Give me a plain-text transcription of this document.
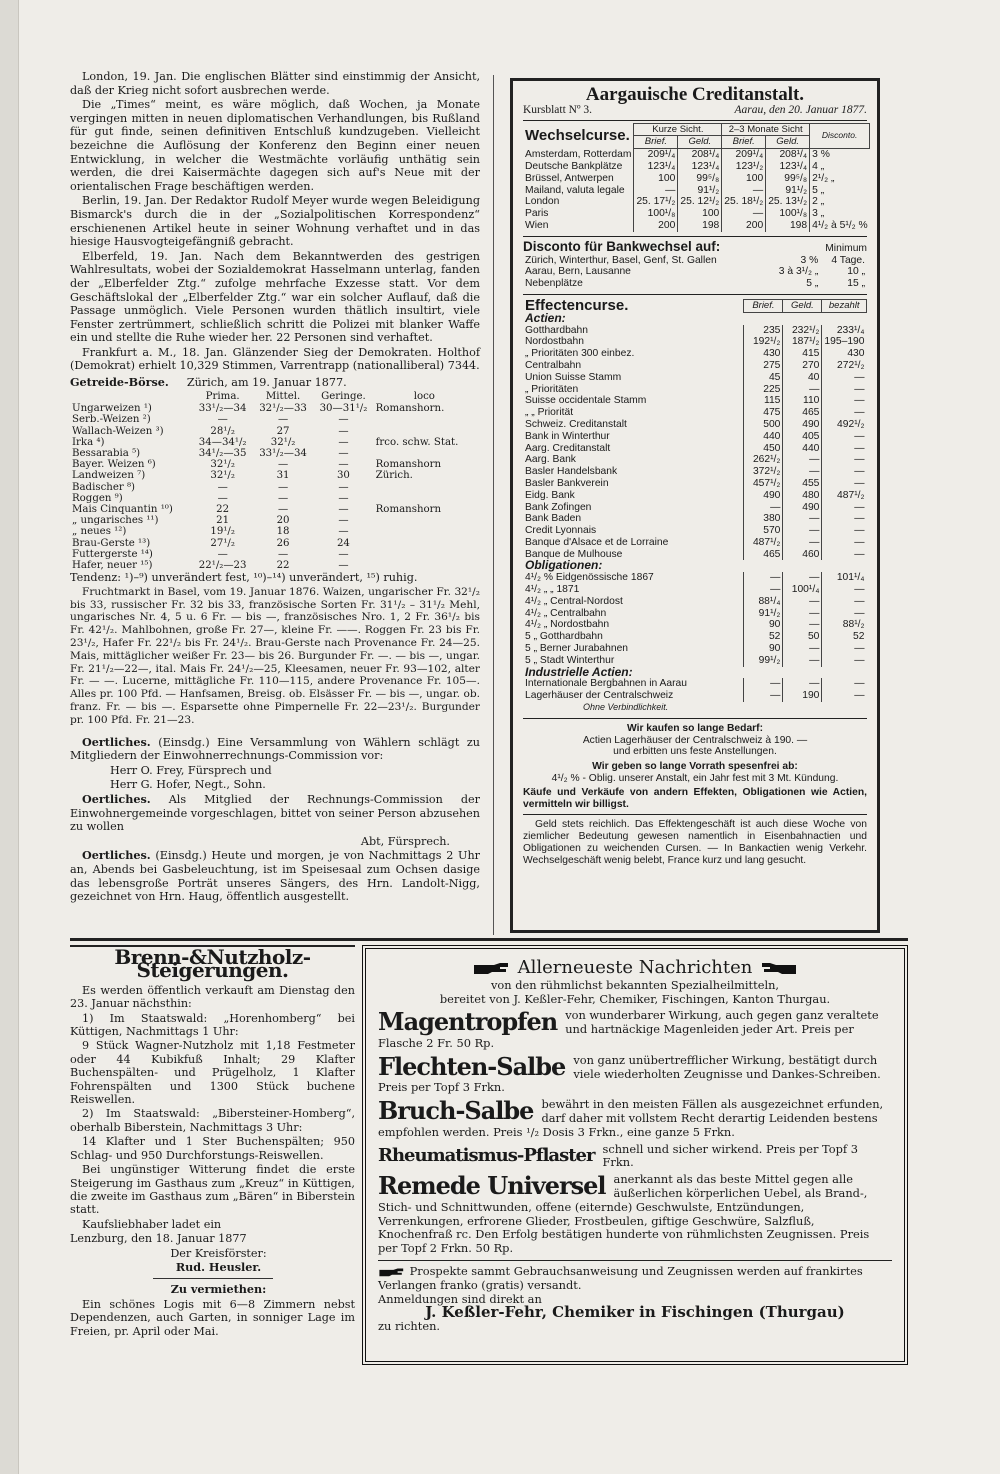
London, 19. Jan. Die englischen Blätter sind einstimmig der Ansicht, daß der Krieg nicht sofort ausbrechen werde.

Die „Times“ meint, es wäre möglich, daß Wochen, ja Monate vergingen mitten in neuen diplomatischen Verhandlungen, bis Rußland für gut finde, seinen definitiven Entschluß kundzugeben. Vielleicht bezeichne die Auflösung der Konferenz den Beginn einer neuen Entwicklung, in welcher die Westmächte vorläufig unthätig sein werden, die drei Kaisermächte dagegen sich auf's Neue mit der orientalischen Frage beschäftigen werden.

Berlin, 19. Jan. Der Redaktor Rudolf Meyer wurde wegen Beleidigung Bismarck's durch die in der „Sozialpolitischen Korrespondenz“ erschienenen Artikel heute in seiner Wohnung verhaftet und in das hiesige Hausvogteigefängniß gebracht.

Elberfeld, 19. Jan. Nach dem Bekanntwerden des gestrigen Wahlresultats, wobei der Sozialdemokrat Hasselmann unterlag, fanden der „Elberfelder Ztg.“ zufolge mehrfache Exzesse statt. Vor dem Geschäftslokal der „Elberfelder Ztg.“ war ein solcher Auflauf, daß die Passage unmöglich. Viele Personen wurden thätlich insultirt, viele Fenster zertrümmert, schließlich schritt die Polizei mit blanker Waffe ein und stellte die Ruhe wieder her. 22 Personen sind verhaftet.

Frankfurt a. M., 18. Jan. Glänzender Sieg der Demokraten. Holthof (Demokrat) erhielt 10,329 Stimmen, Varrentrapp (nationalliberal) 7344.

Getreide-Börse. Zürich, am 19. Januar 1877.
	Prima.	Mittel.	Geringe.	loco
Ungarweizen ¹)	33¹/₂—34	32¹/₂—33	30—31¹/₂	Romanshorn.
Serb.-Weizen ²)	—	—	—	
Wallach-Weizen ³)	28¹/₂	27	—	
Irka ⁴)	34—34¹/₂	32¹/₂	—	frco. schw. Stat.
Bessarabia ⁵)	34¹/₂—35	33¹/₂—34	—	
Bayer. Weizen ⁶)	32¹/₂	—	—	Romanshorn
Landweizen ⁷)	32¹/₂	31	30	Zürich.
Badischer ⁸)	—	—	—	
Roggen ⁹)	—	—	—	
Mais Cinquantin ¹⁰)	22	—	—	Romanshorn
„ ungarisches ¹¹)	21	20	—	
„ neues ¹²)	19¹/₂	18	—	
Brau-Gerste ¹³)	27¹/₂	26	24	
Futtergerste ¹⁴)	—	—	—	
Hafer, neuer ¹⁵)	22¹/₂—23	22	—	

Tendenz: ¹)–⁹) unverändert fest, ¹⁰)–¹⁴) unverändert, ¹⁵) ruhig.

Fruchtmarkt in Basel, vom 19. Januar 1876. Waizen, ungarischer Fr. 32¹/₂ bis 33, russischer Fr. 32 bis 33, französische Sorten Fr. 31¹/₂ – 31¹/₂ Mehl, ungarisches Nr. 4, 5 u. 6 Fr. — bis —, französisches Nro. 1, 2 Fr. 36¹/₂ bis Fr. 42¹/₂. Mahlbohnen, große Fr. 27—, kleine Fr. ——. Roggen Fr. 23 bis Fr. 23¹/₂, Hafer Fr. 22¹/₂ bis Fr. 24¹/₂. Brau-Gerste nach Provenance Fr. 24—25. Mais, mittäglicher weißer Fr. 23— bis 26. Burgunder Fr. —. — bis —, ungar. Fr. 21¹/₂—22—, ital. Mais Fr. 24¹/₂—25, Kleesamen, neuer Fr. 93—102, alter Fr. — —. Lucerne, mittägliche Fr. 110—115, andere Provenance Fr. 105—. Alles pr. 100 Pfd. — Hanfsamen, Breisg. ob. Elsässer Fr. — bis —, ungar. ob. franz. Fr. — bis —. Esparsette ohne Pimpernelle Fr. 22—23¹/₂. Burgunder pr. 100 Pfd. Fr. 21—23.

Oertliches. (Einsdg.) Eine Versammlung von Wählern schlägt zu Mitgliedern der Einwohnerrechnungs-Commission vor:

Herr O. Frey, Fürsprech und

Herr G. Hofer, Negt., Sohn.

Oertliches. Als Mitglied der Rechnungs-Commission der Einwohnergemeinde vorgeschlagen, bittet von seiner Person abzusehen zu wollen

Abt, Fürsprech.

Oertliches. (Einsdg.) Heute und morgen, je von Nachmittags 2 Uhr an, Abends bei Gasbeleuchtung, ist im Speisesaal zum Ochsen dasige das lebensgroße Porträt unseres Sängers, des Hrn. Landolt-Nigg, gezeichnet von Hrn. Haug, öffentlich ausgestellt.

Aargauische Creditanstalt.
Kursblatt Nº 3.	Aarau, den 20. Januar 1877.
Wechselcurse.	Kurze Sicht.		2–3 Monate Sicht		Disconto.
	Brief.	Geld.	Brief.	Geld.	
Amsterdam, Rotterdam	209¹/₄	208¹/₄	209¹/₄	208¹/₄	3 %
Deutsche Bankplätze	123¹/₄	123¹/₄	123¹/₂	123¹/₄	4 „
Brüssel, Antwerpen	100	99⁵/₈	100	99⁵/₈	2¹/₂ „
Mailand, valuta legale	—	91¹/₂	—	91¹/₂	5 „
London	25. 17¹/₂	25. 12¹/₂	25. 18¹/₂	25. 13¹/₂	2 „
Paris	100¹/₈	100	—	100¹/₈	3 „
Wien	200	198	200	198	4¹/₂ à 5¹/₂ %
Disconto für Bankwechsel auf:	Minimum
Zürich, Winterthur, Basel, Genf, St. Gallen	3 %	4 Tage.
Aarau, Bern, Lausanne	3 à 3¹/₂ „	10 „
Nebenplätze	5 „	15 „
Effectencurse.	Brief.	Geld.	bezahlt
Actien:			
Gotthardbahn	235	232¹/₂	233¹/₄
Nordostbahn	192¹/₂	187¹/₂	195–190
„ Prioritäten 300 einbez.	430	415	430
Centralbahn	275	270	272¹/₂
Union Suisse Stamm	45	40	—
„ Prioritäten	225	—	—
Suisse occidentale Stamm	115	110	—
„ „ Priorität	475	465	—
Schweiz. Creditanstalt	500	490	492¹/₂
Bank in Winterthur	440	405	—
Aarg. Creditanstalt	450	440	—
Aarg. Bank	262¹/₂	—	—
Basler Handelsbank	372¹/₂	—	—
Basler Bankverein	457¹/₂	455	—
Eidg. Bank	490	480	487¹/₂
Bank Zofingen	—	490	—
Bank Baden	380	—	—
Credit Lyonnais	570	—	—
Banque d'Alsace et de Lorraine	487¹/₂	—	—
Banque de Mulhouse	465	460	—
Obligationen:			
4¹/₂ % Eidgenössische 1867	—	—	101¹/₄
4¹/₂ „ „ 1871	—	100¹/₄	—
4¹/₂ „ Central-Nordost	88¹/₄	—	—
4¹/₂ „ Centralbahn	91¹/₂	—	—
4¹/₂ „ Nordostbahn	90	—	88¹/₂
5 „ Gotthardbahn	52	50	52
5 „ Berner Jurabahnen	90	—	—
5 „ Stadt Winterthur	99¹/₂	—	—
Industrielle Actien:			
Internationale Bergbahnen in Aarau	—	—	—
Lagerhäuser der Centralschweiz	—	190	—
Ohne Verbindlichkeit.
Wir kaufen so lange Bedarf:
Actien Lagerhäuser der Centralschweiz à 190. —
und erbitten uns feste Anstellungen.
Wir geben so lange Vorrath spesenfrei ab:
4¹/₂ % - Oblig. unserer Anstalt, ein Jahr fest mit 3 Mt. Kündung.
Käufe und Verkäufe von andern Effekten, Obligationen wie Actien, vermitteln wir billigst.
Geld stets reichlich. Das Effektengeschäft ist auch diese Woche von ziemlicher Bedeutung gewesen namentlich in Eisenbahnactien und Obligationen zu weichenden Cursen. — In Bankactien wenig Verkehr. Wechselgeschäft wenig belebt, France kurz und lang gesucht.
Brenn-&Nutzholz-Steigerungen.

Es werden öffentlich verkauft am Dienstag den 23. Januar nächsthin:

1) Im Staatswald: „Horenhomberg“ bei Küttigen, Nachmittags 1 Uhr:

9 Stück Wagner-Nutzholz mit 1,18 Festmeter oder 44 Kubikfuß Inhalt; 29 Klafter Buchenspälten- und Prügelholz, 1 Klafter Fohrenspälten und 1300 Stück buchene Reiswellen.

2) Im Staatswald: „Bibersteiner-Homberg“, oberhalb Biberstein, Nachmittags 3 Uhr:

14 Klafter und 1 Ster Buchenspälten; 950 Schlag- und 950 Durchforstungs-Reiswellen.

Bei ungünstiger Witterung findet die erste Steigerung im Gasthaus zum „Kreuz“ in Küttigen, die zweite im Gasthaus zum „Bären“ in Biberstein statt.

Kaufsliebhaber ladet ein

Lenzburg, den 18. Januar 1877

Der Kreisförster:

Rud. Heusler.

Zu vermiethen:

Ein schönes Logis mit 6—8 Zimmern nebst Dependenzen, auch Garten, in sonniger Lage im Freien, pr. April oder Mai.

Allerneueste Nachrichten
von den rühmlichst bekannten Spezialheilmitteln,
bereitet von J. Keßler-Fehr, Chemiker, Fischingen, Kanton Thurgau.
Magentropfen von wunderbarer Wirkung, auch gegen ganz veraltete und hartnäckige Magenleiden jeder Art. Preis per Flasche 2 Fr. 50 Rp.
Flechten-Salbe von ganz unübertrefflicher Wirkung, bestätigt durch viele wiederholten Zeugnisse und Dankes-Schreiben. Preis per Topf 3 Frkn.
Bruch-Salbe bewährt in den meisten Fällen als ausgezeichnet erfunden, darf daher mit vollstem Recht derartig Leidenden bestens empfohlen werden. Preis ¹/₂ Dosis 3 Frkn., eine ganze 5 Frkn.
Rheumatismus-Pflaster schnell und sicher wirkend. Preis per Topf 3 Frkn.
Remede Universel anerkannt als das beste Mittel gegen alle äußerlichen körperlichen Uebel, als Brand-, Stich- und Schnittwunden, offene (eiternde) Geschwulste, Entzündungen, Verrenkungen, erfrorene Glieder, Frostbeulen, giftige Geschwüre, Salzfluß, Knochenfraß rc. Den Erfolg bestätigen hunderte von rühmlichsten Zeugnissen. Preis per Topf 2 Frkn. 50 Rp.
Prospekte sammt Gebrauchsanweisung und Zeugnissen werden auf frankirtes Verlangen franko (gratis) versandt.
Anmeldungen sind direkt an
J. Keßler-Fehr, Chemiker in Fischingen (Thurgau)
zu richten.
